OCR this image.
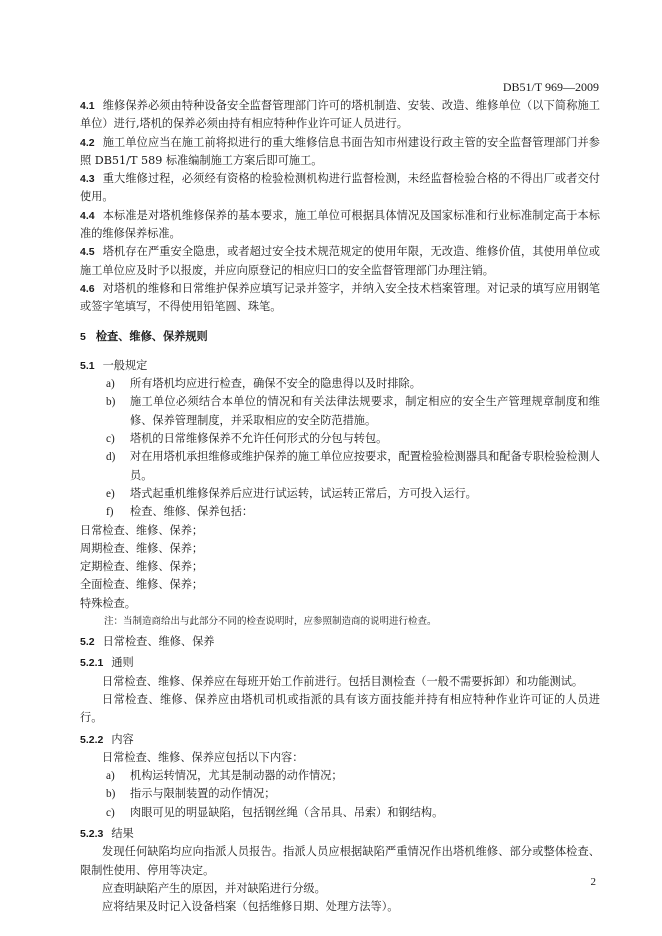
DB51/T 969—2009

4.1 维修保养必须由特种设备安全监督管理部门许可的塔机制造、安装、改造、维修单位（以下简称施工单位）进行,塔机的保养必须由持有相应特种作业许可证人员进行。

4.2 施工单位应当在施工前将拟进行的重大维修信息书面告知市州建设行政主管的安全监督管理部门并参照 DB51/T 589 标准编制施工方案后即可施工。

4.3 重大维修过程，必须经有资格的检验检测机构进行监督检测，未经监督检验合格的不得出厂或者交付使用。

4.4 本标准是对塔机维修保养的基本要求，施工单位可根据具体情况及国家标准和行业标准制定高于本标准的维修保养标准。

4.5 塔机存在严重安全隐患，或者超过安全技术规范规定的使用年限，无改造、维修价值，其使用单位或施工单位应及时予以报废，并应向原登记的相应归口的安全监督管理部门办理注销。

4.6 对塔机的维修和日常维护保养应填写记录并签字，并纳入安全技术档案管理。对记录的填写应用钢笔或签字笔填写，不得使用铅笔圆、珠笔。

5 检查、维修、保养规则

5.1 一般规定

a)	所有塔机均应进行检查，确保不安全的隐患得以及时排除。
b)	施工单位必须结合本单位的情况和有关法律法规要求，制定相应的安全生产管理规章制度和维修、保养管理制度，并采取相应的安全防范措施。
c)	塔机的日常维修保养不允许任何形式的分包与转包。
d)	对在用塔机承担维修或维护保养的施工单位应按要求，配置检验检测器具和配备专职检验检测人员。
e)	塔式起重机维修保养后应进行试运转，试运转正常后，方可投入运行。
f)	检查、维修、保养包括：

日常检查、维修、保养；

周期检查、维修、保养；

定期检查、维修、保养；

全面检查、维修、保养；

特殊检查。

注：当制造商给出与此部分不同的检查说明时，应参照制造商的说明进行检查。

5.2 日常检查、维修、保养

5.2.1 通则

日常检查、维修、保养应在每班开始工作前进行。包括目测检查（一般不需要拆卸）和功能测试。

日常检查、维修、保养应由塔机司机或指派的具有该方面技能并持有相应特种作业许可证的人员进行。

5.2.2 内容

日常检查、维修、保养应包括以下内容：

a)	机构运转情况，尤其是制动器的动作情况；
b)	指示与限制装置的动作情况；
c)	肉眼可见的明显缺陷，包括钢丝绳（含吊具、吊索）和钢结构。

5.2.3 结果

发现任何缺陷均应向指派人员报告。指派人员应根据缺陷严重情况作出塔机维修、部分或整体检查、限制性使用、停用等决定。

应查明缺陷产生的原因，并对缺陷进行分级。

应将结果及时记入设备档案（包括维修日期、处理方法等）。

2
